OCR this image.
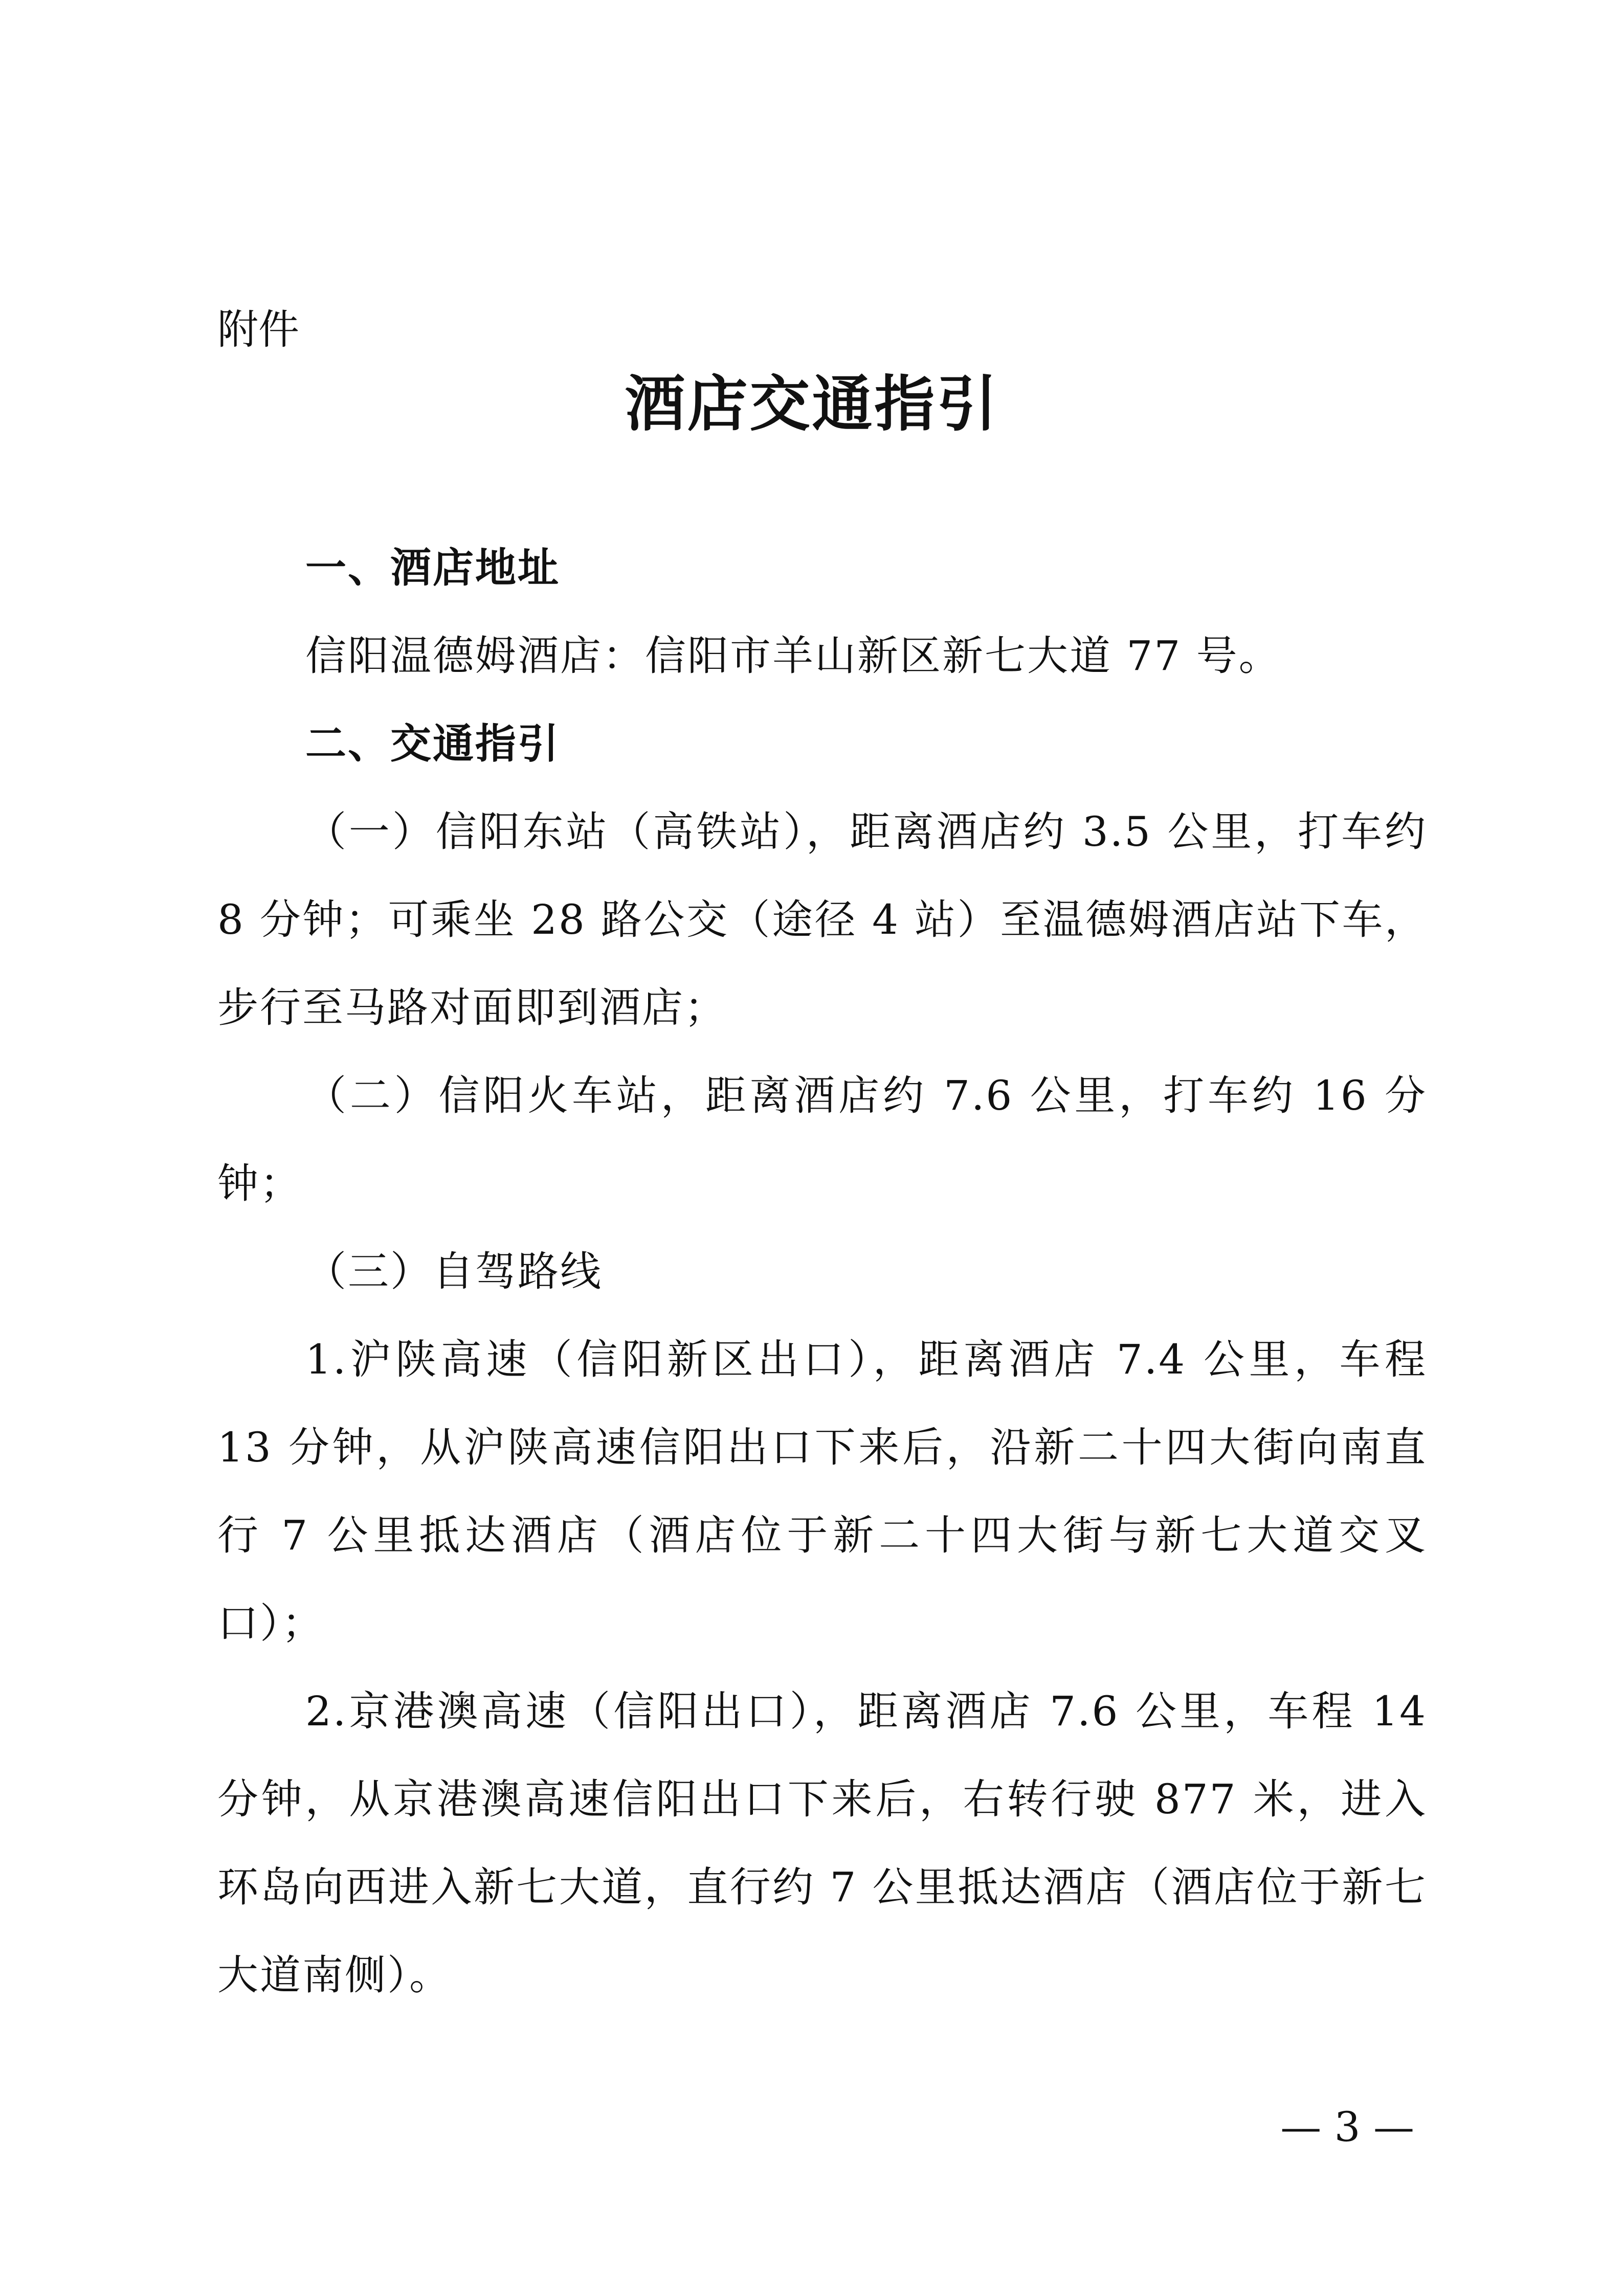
附件
酒店交通指引

一、酒店地址

信阳温德姆酒店：信阳市羊山新区新七大道 77 号。

二、交通指引

（一）信阳东站（高铁站），距离酒店约 3.5 公里，打车约 8 分钟；可乘坐 28 路公交（途径 4 站）至温德姆酒店站下车，步行至马路对面即到酒店；

（二）信阳火车站，距离酒店约 7.6 公里，打车约 16 分钟；

（三）自驾路线

1.沪陕高速（信阳新区出口），距离酒店 7.4 公里，车程 13 分钟，从沪陕高速信阳出口下来后，沿新二十四大街向南直行 7 公里抵达酒店（酒店位于新二十四大街与新七大道交叉口）；

2.京港澳高速（信阳出口），距离酒店 7.6 公里，车程 14 分钟，从京港澳高速信阳出口下来后，右转行驶 877 米，进入环岛向西进入新七大道，直行约 7 公里抵达酒店（酒店位于新七大道南侧）。

— 3 —
